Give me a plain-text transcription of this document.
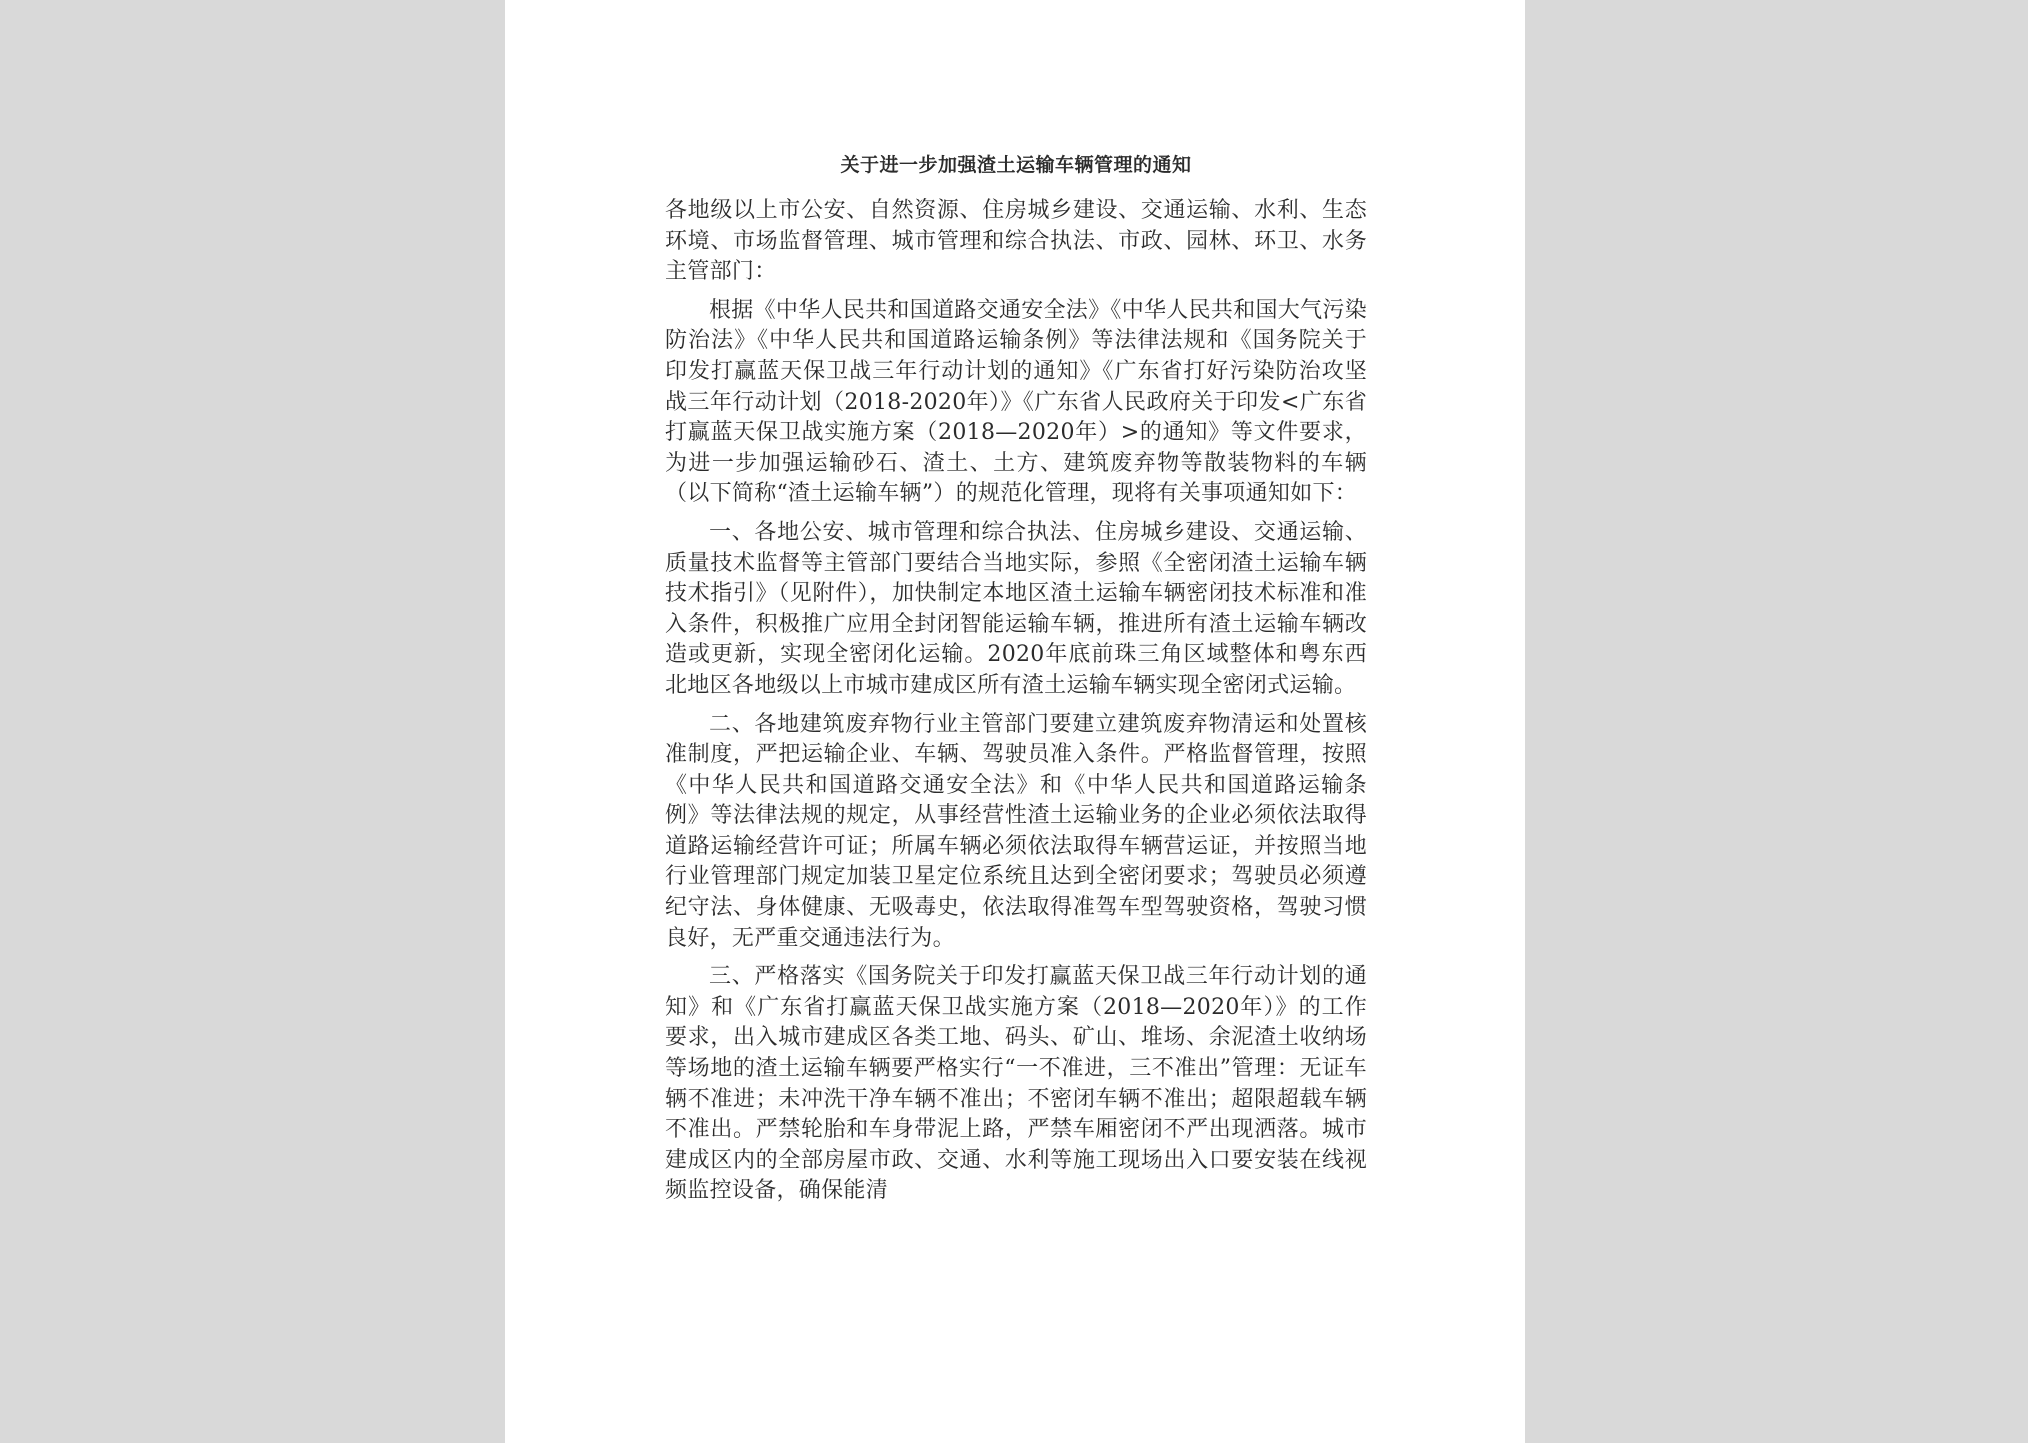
关于进一步加强渣土运输车辆管理的通知

各地级以上市公安、自然资源、住房城乡建设、交通运输、水利、生态环境、市场监督管理、城市管理和综合执法、市政、园林、环卫、水务主管部门：

根据《中华人民共和国道路交通安全法》《中华人民共和国大气污染防治法》《中华人民共和国道路运输条例》等法律法规和《国务院关于印发打赢蓝天保卫战三年行动计划的通知》《广东省打好污染防治攻坚战三年行动计划（2018-2020年）》《广东省人民政府关于印发<广东省打赢蓝天保卫战实施方案（2018—2020年）>的通知》等文件要求，为进一步加强运输砂石、渣土、土方、建筑废弃物等散装物料的车辆（以下简称“渣土运输车辆”）的规范化管理，现将有关事项通知如下：

一、各地公安、城市管理和综合执法、住房城乡建设、交通运输、质量技术监督等主管部门要结合当地实际，参照《全密闭渣土运输车辆技术指引》（见附件），加快制定本地区渣土运输车辆密闭技术标准和准入条件，积极推广应用全封闭智能运输车辆，推进所有渣土运输车辆改造或更新，实现全密闭化运输。2020年底前珠三角区域整体和粤东西北地区各地级以上市城市建成区所有渣土运输车辆实现全密闭式运输。

二、各地建筑废弃物行业主管部门要建立建筑废弃物清运和处置核准制度，严把运输企业、车辆、驾驶员准入条件。严格监督管理，按照《中华人民共和国道路交通安全法》和《中华人民共和国道路运输条例》等法律法规的规定，从事经营性渣土运输业务的企业必须依法取得道路运输经营许可证；所属车辆必须依法取得车辆营运证，并按照当地行业管理部门规定加装卫星定位系统且达到全密闭要求；驾驶员必须遵纪守法、身体健康、无吸毒史，依法取得准驾车型驾驶资格，驾驶习惯良好，无严重交通违法行为。

三、严格落实《国务院关于印发打赢蓝天保卫战三年行动计划的通知》和《广东省打赢蓝天保卫战实施方案（2018—2020年）》的工作要求，出入城市建成区各类工地、码头、矿山、堆场、余泥渣土收纳场等场地的渣土运输车辆要严格实行“一不准进，三不准出”管理：无证车辆不准进；未冲洗干净车辆不准出；不密闭车辆不准出；超限超载车辆不准出。严禁轮胎和车身带泥上路，严禁车厢密闭不严出现洒落。城市建成区内的全部房屋市政、交通、水利等施工现场出入口要安装在线视频监控设备，确保能清
